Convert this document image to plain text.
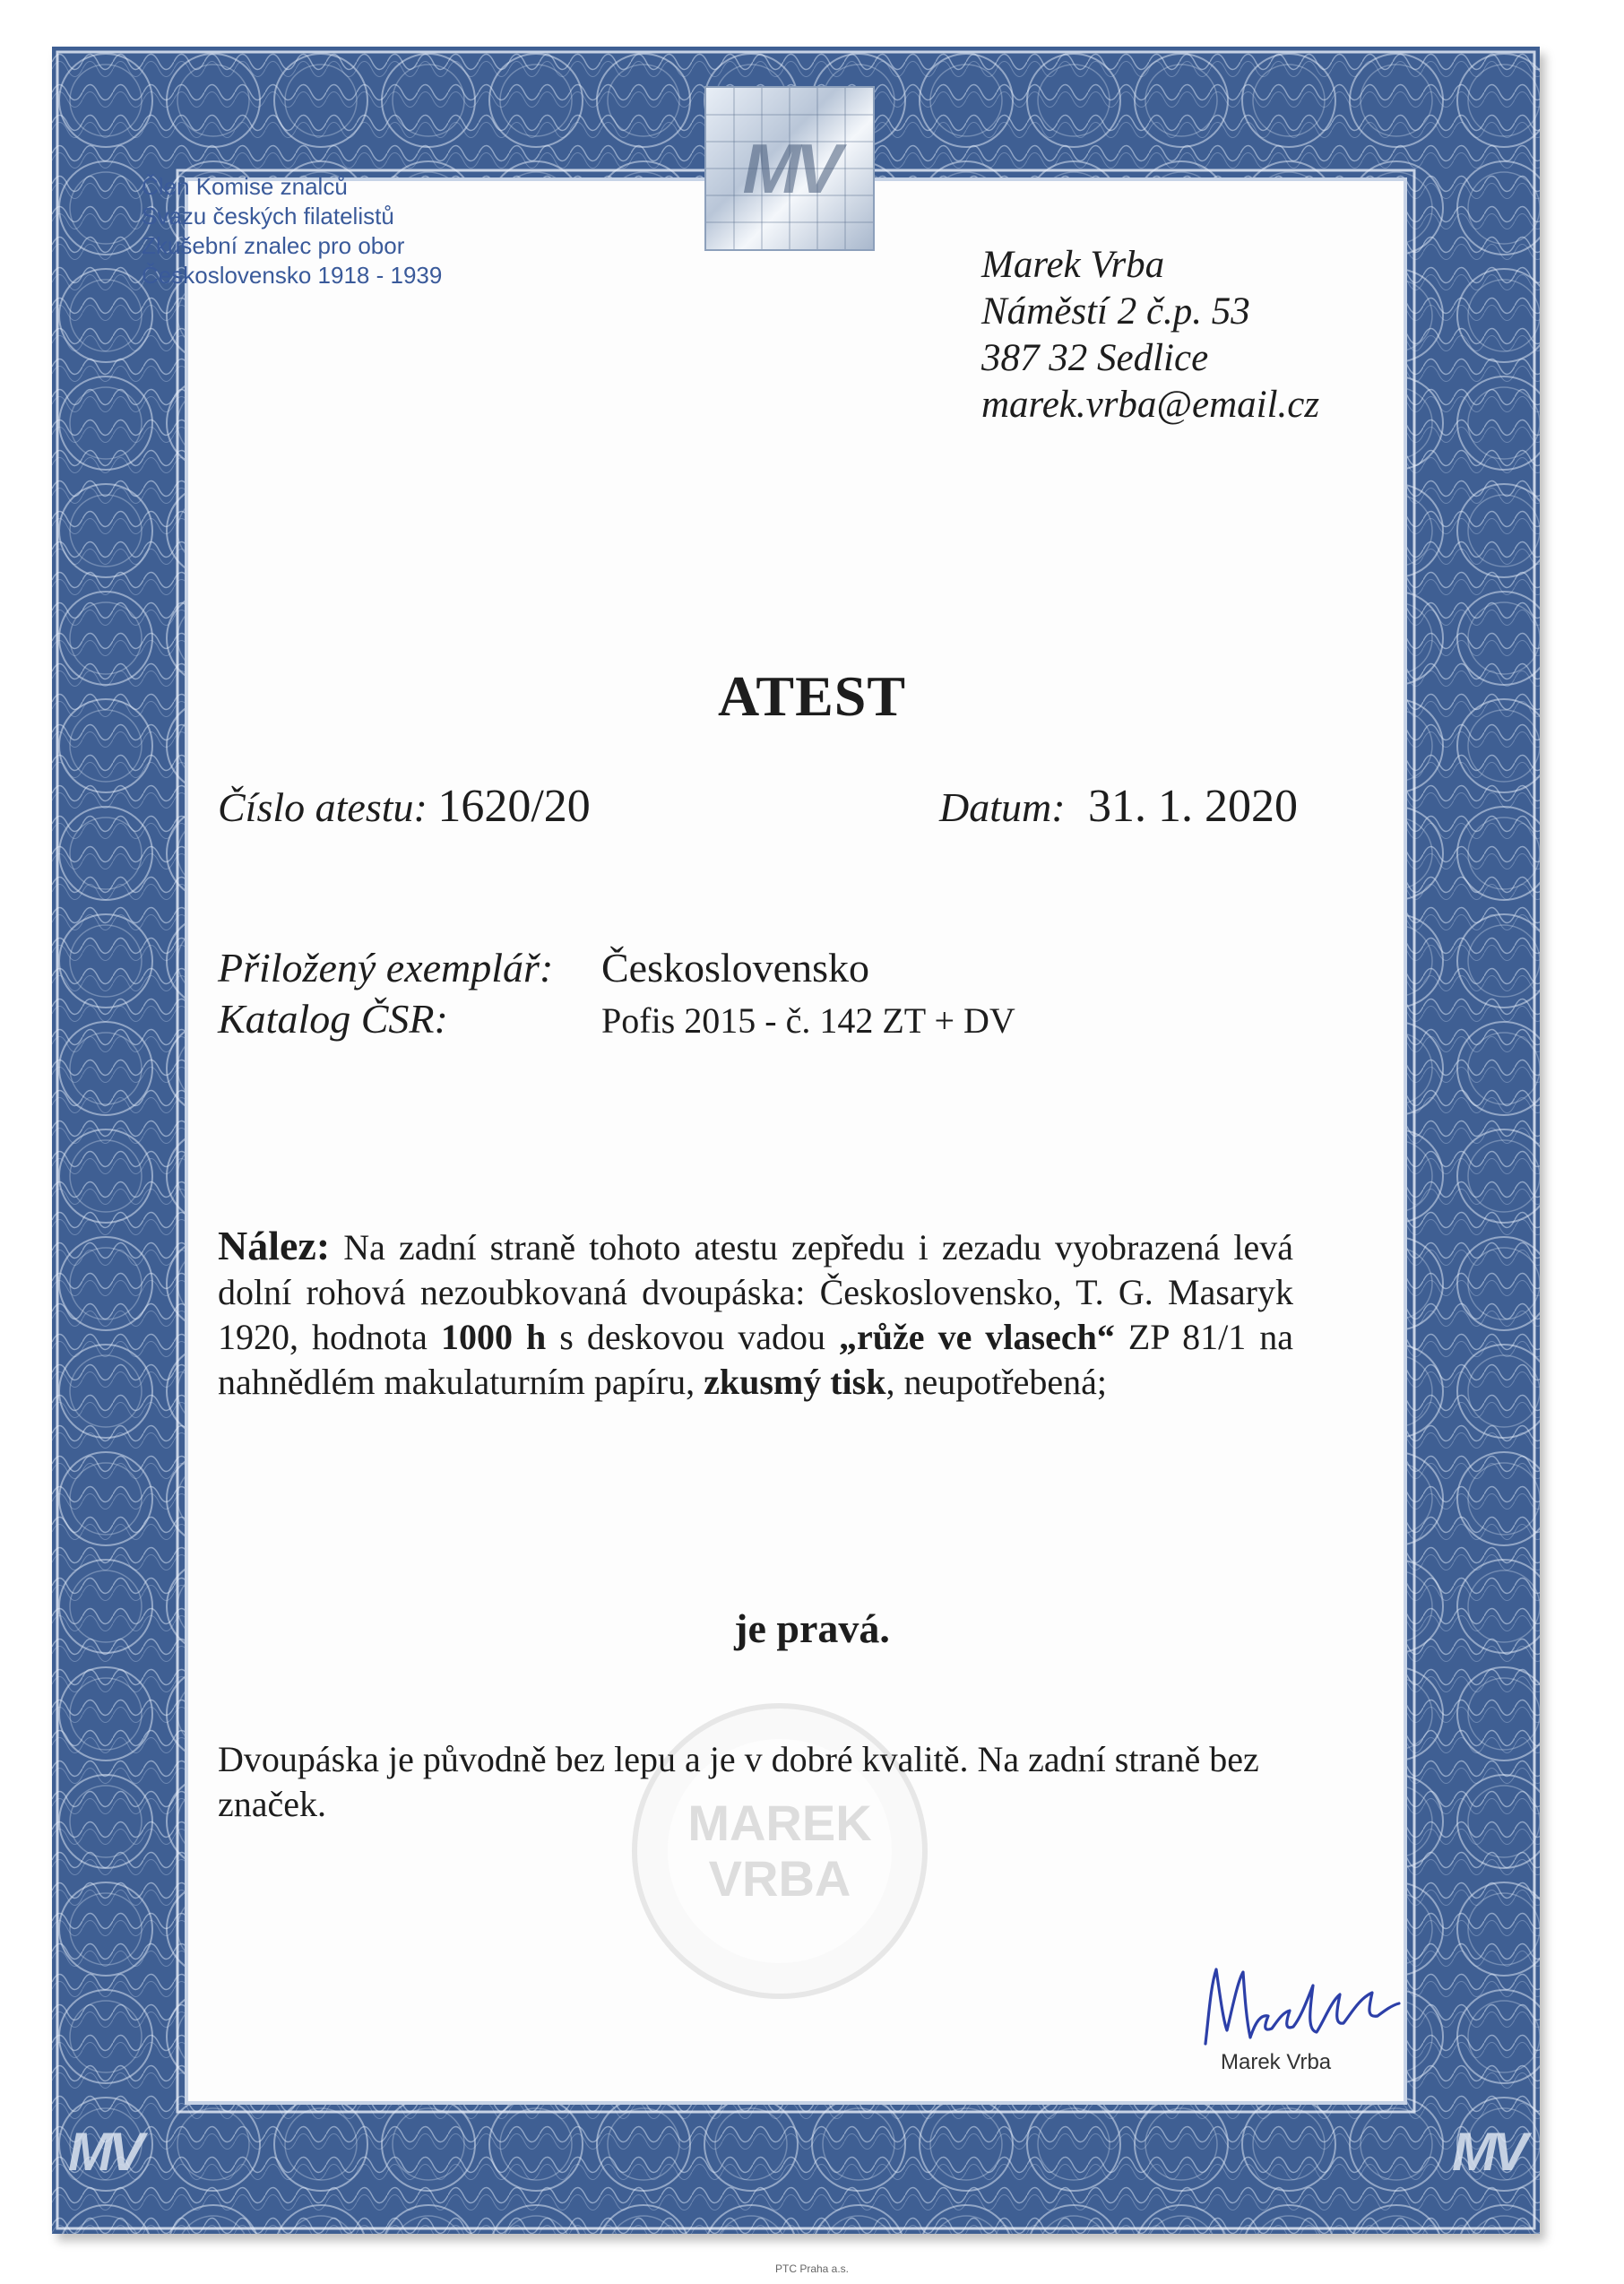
MV
MV	MV
Člen Komise znalců
Svazu českých filatelistů
Zkušební znalec pro obor
Československo 1918 - 1939	Marek Vrba
Náměstí 2 č.p. 53
387 32 Sedlice
marek.vrba@email.cz
ATEST
Číslo atestu: 1620/20	Datum: 31. 1. 2020
Přiložený exemplář: Československo
Katalog ČSR:	Pofis 2015 - č. 142 ZT + DV
Nález: Na zadní straně tohoto atestu zepředu i zezadu vyobrazená levá dolní rohová nezoubkovaná dvoupáska: Československo, T. G. Masaryk 1920, hodnota 1000 h s deskovou vadou „růže ve vlasech“ ZP 81/1 na nahnědlém makulaturním papíru, zkusmý tisk, neupotřebená;
je pravá.
MAREK
VRBA
Dvoupáska je původně bez lepu a je v dobré kvalitě. Na zadní straně bez značek.
Marek Vrba
PTC Praha a.s.
